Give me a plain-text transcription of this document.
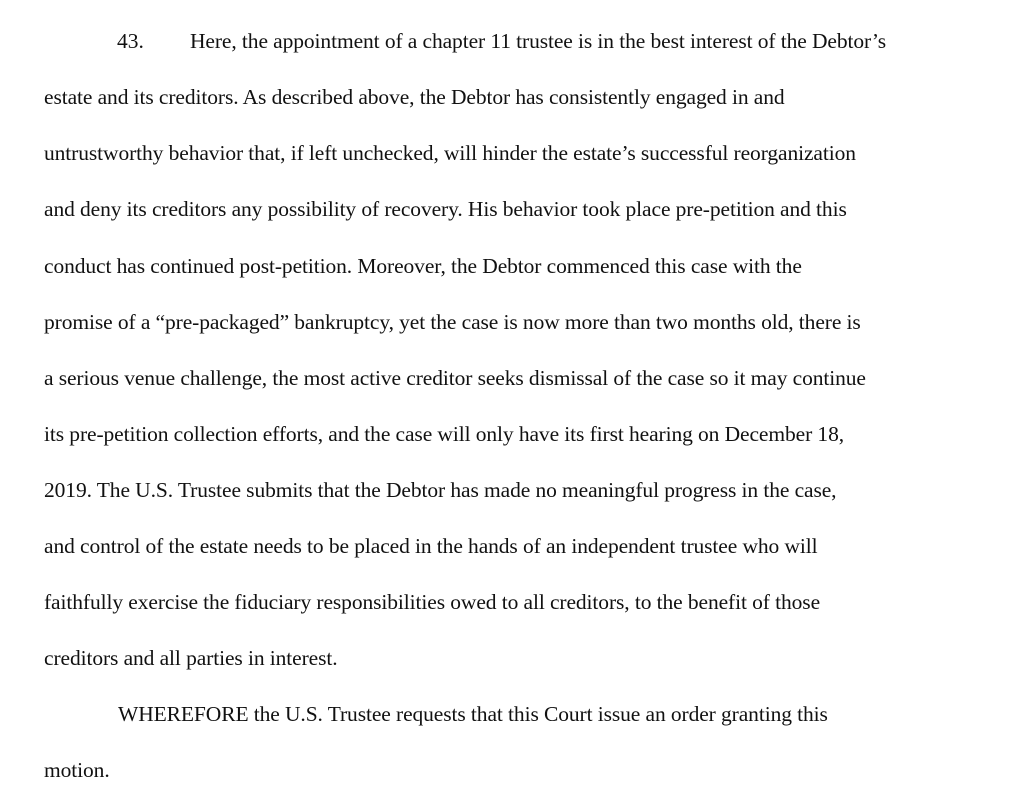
43. Here, the appointment of a chapter 11 trustee is in the best interest of the Debtor’s
estate and its creditors. As described above, the Debtor has consistently engaged in and
untrustworthy behavior that, if left unchecked, will hinder the estate’s successful reorganization
and deny its creditors any possibility of recovery. His behavior took place pre-petition and this
conduct has continued post-petition. Moreover, the Debtor commenced this case with the
promise of a “pre-packaged” bankruptcy, yet the case is now more than two months old, there is
a serious venue challenge, the most active creditor seeks dismissal of the case so it may continue
its pre-petition collection efforts, and the case will only have its first hearing on December 18,
2019. The U.S. Trustee submits that the Debtor has made no meaningful progress in the case,
and control of the estate needs to be placed in the hands of an independent trustee who will
faithfully exercise the fiduciary responsibilities owed to all creditors, to the benefit of those
creditors and all parties in interest.
WHEREFORE the U.S. Trustee requests that this Court issue an order granting this
motion.
